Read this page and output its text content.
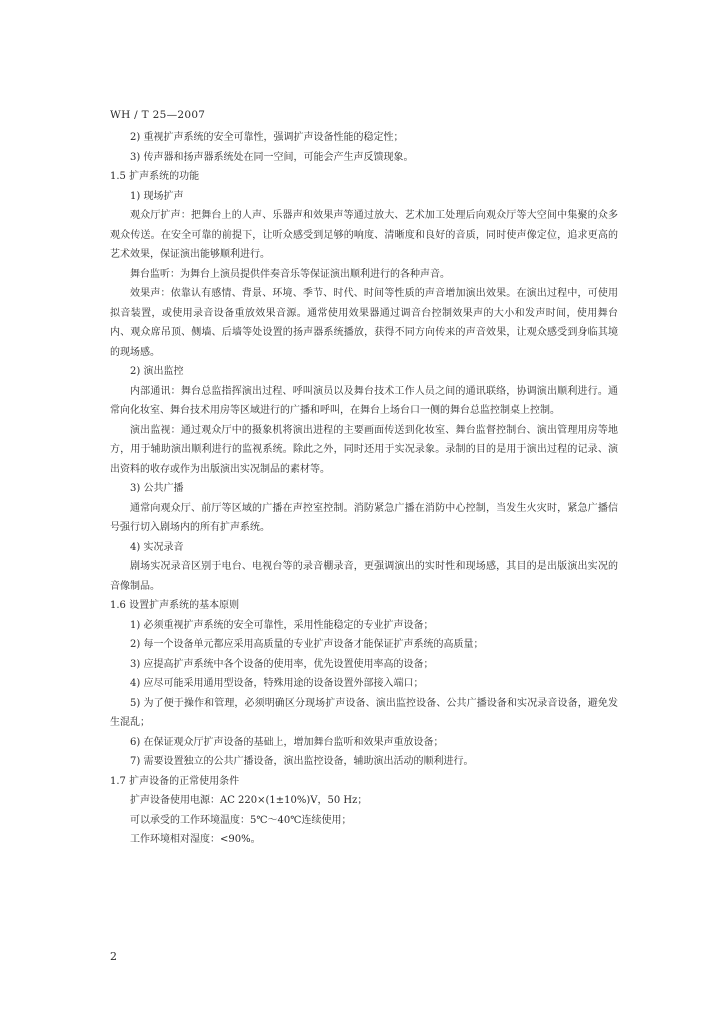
WH / T 25—2007

2) 重视扩声系统的安全可靠性，强调扩声设备性能的稳定性；

3) 传声器和扬声器系统处在同一空间，可能会产生声反馈现象。

1.5 扩声系统的功能

1) 现场扩声

观众厅扩声：把舞台上的人声、乐器声和效果声等通过放大、艺术加工处理后向观众厅等大空间中集聚的众多观众传送。在安全可靠的前提下，让听众感受到足够的响度、清晰度和良好的音质，同时使声像定位，追求更高的艺术效果，保证演出能够顺利进行。

舞台监听：为舞台上演员提供伴奏音乐等保证演出顺利进行的各种声音。

效果声：依靠认有感情、背景、环境、季节、时代、时间等性质的声音增加演出效果。在演出过程中，可使用拟音装置，或使用录音设备重放效果音源。通常使用效果器通过调音台控制效果声的大小和发声时间，使用舞台内、观众席吊顶、侧墙、后墙等处设置的扬声器系统播放，获得不同方向传来的声音效果，让观众感受到身临其境的现场感。

2) 演出监控

内部通讯：舞台总监指挥演出过程、呼叫演员以及舞台技术工作人员之间的通讯联络，协调演出顺利进行。通常向化妆室、舞台技术用房等区域进行的广播和呼叫，在舞台上场台口一侧的舞台总监控制桌上控制。

演出监视：通过观众厅中的摄象机将演出进程的主要画面传送到化妆室、舞台监督控制台、演出管理用房等地方，用于辅助演出顺利进行的监视系统。除此之外，同时还用于实况录象。录制的目的是用于演出过程的记录、演出资料的收存或作为出版演出实况制品的素材等。

3) 公共广播

通常向观众厅、前厅等区域的广播在声控室控制。消防紧急广播在消防中心控制，当发生火灾时，紧急广播信号强行切入剧场内的所有扩声系统。

4) 实况录音

剧场实况录音区别于电台、电视台等的录音棚录音，更强调演出的实时性和现场感，其目的是出版演出实况的音像制品。

1.6 设置扩声系统的基本原则

1) 必须重视扩声系统的安全可靠性，采用性能稳定的专业扩声设备；

2) 每一个设备单元都应采用高质量的专业扩声设备才能保证扩声系统的高质量；

3) 应提高扩声系统中各个设备的使用率，优先设置使用率高的设备；

4) 应尽可能采用通用型设备，特殊用途的设备设置外部接入端口；

5) 为了便于操作和管理，必须明确区分现场扩声设备、演出监控设备、公共广播设备和实况录音设备，避免发生混乱；

6) 在保证观众厅扩声设备的基础上，增加舞台监听和效果声重放设备；

7) 需要设置独立的公共广播设备，演出监控设备，辅助演出活动的顺利进行。

1.7 扩声设备的正常使用条件

扩声设备使用电源：AC 220×(1±10%)V，50 Hz；

可以承受的工作环境温度：5℃～40℃连续使用；

工作环境相对湿度：<90%。

2
